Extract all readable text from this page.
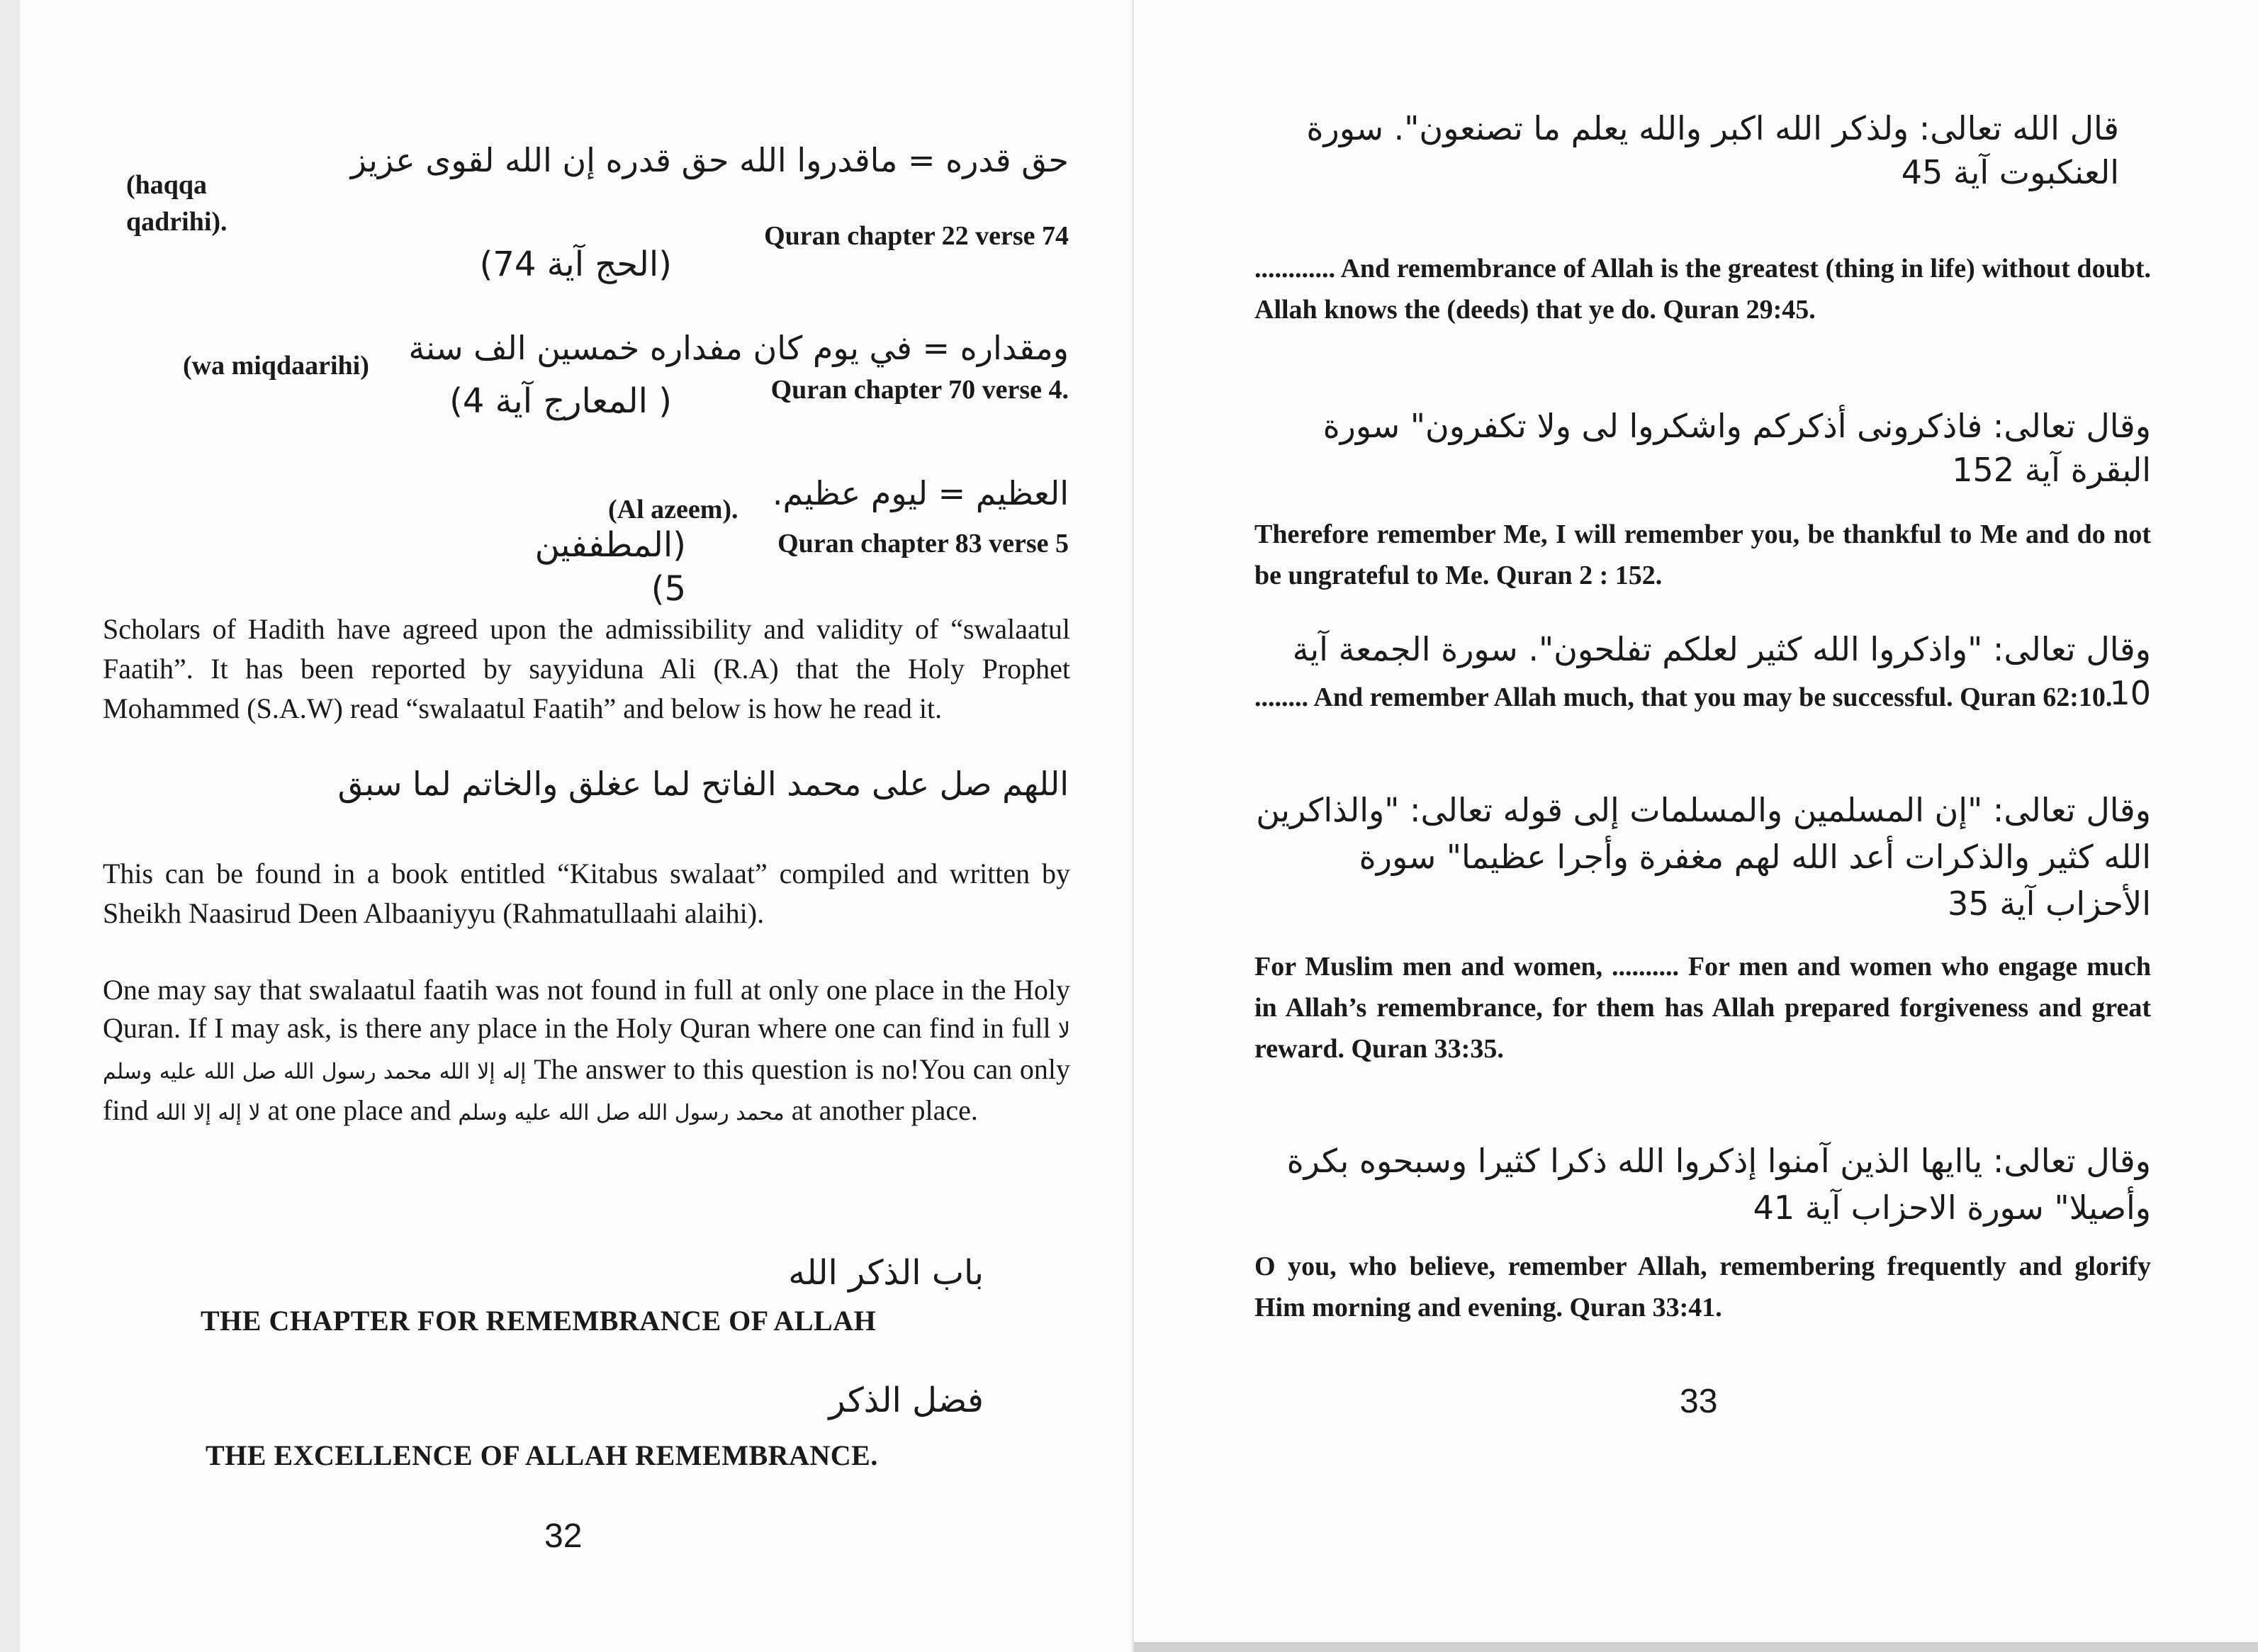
حق قدره = ماقدروا الله حق قدره إن الله لقوى عزيز
(haqqa qadrihi).	Quran chapter 22 verse 74
(الحج آية 74)
ومقداره = في يوم كان مفداره خمسين الف سنة
(wa miqdaarihi)
Quran chapter 70 verse 4.
( المعارج آية 4)
العظيم = ليوم عظيم.
(Al azeem).
Quran chapter 83 verse 5
(المطففين 5)
Scholars of Hadith have agreed upon the admissibility and validity of “swalaatul Faatih”. It has been reported by sayyiduna Ali (R.A) that the Holy Prophet Mohammed (S.A.W) read “swalaatul Faatih” and below is how he read it.
اللهم صل على محمد الفاتح لما عغلق والخاتم لما سبق
This can be found in a book entitled “Kitabus swalaat” compiled and written by Sheikh Naasirud Deen Albaaniyyu (Rahmatullaahi alaihi).
One may say that swalaatul faatih was not found in full at only one place in the Holy Quran. If I may ask, is there any place in the Holy Quran where one can find in full لا إله إلا الله محمد رسول الله صل الله عليه وسلم The answer to this question is no!You can only find لا إله إلا الله at one place and محمد رسول الله صل الله عليه وسلم at another place.
باب الذكر الله
THE CHAPTER FOR REMEMBRANCE OF ALLAH
فضل الذكر
THE EXCELLENCE OF ALLAH REMEMBRANCE.
32
قال الله تعالى: ولذكر الله اكبر والله يعلم ما تصنعون". سورة العنكبوت آية 45
............ And remembrance of Allah is the greatest (thing in life) without doubt. Allah knows the (deeds) that ye do. Quran 29:45.
وقال تعالى: فاذكرونى أذكركم واشكروا لى ولا تكفرون" سورة البقرة آية 152
Therefore remember Me, I will remember you, be thankful to Me and do not be ungrateful to Me. Quran 2 : 152.
وقال تعالى: "واذكروا الله كثير لعلكم تفلحون". سورة الجمعة آية 10
........ And remember Allah much, that you may be successful. Quran 62:10.
وقال تعالى: "إن المسلمين والمسلمات إلى قوله تعالى: "والذاكرين الله كثير والذكرات أعد الله لهم مغفرة وأجرا عظيما" سورة الأحزاب آية 35
For Muslim men and women, .......... For men and women who engage much in Allah’s remembrance, for them has Allah prepared forgiveness and great reward. Quran 33:35.
وقال تعالى: ياايها الذين آمنوا إذكروا الله ذكرا كثيرا وسبحوه بكرة وأصيلا" سورة الاحزاب آية 41
O you, who believe, remember Allah, remembering frequently and glorify Him morning and evening. Quran 33:41.
33
